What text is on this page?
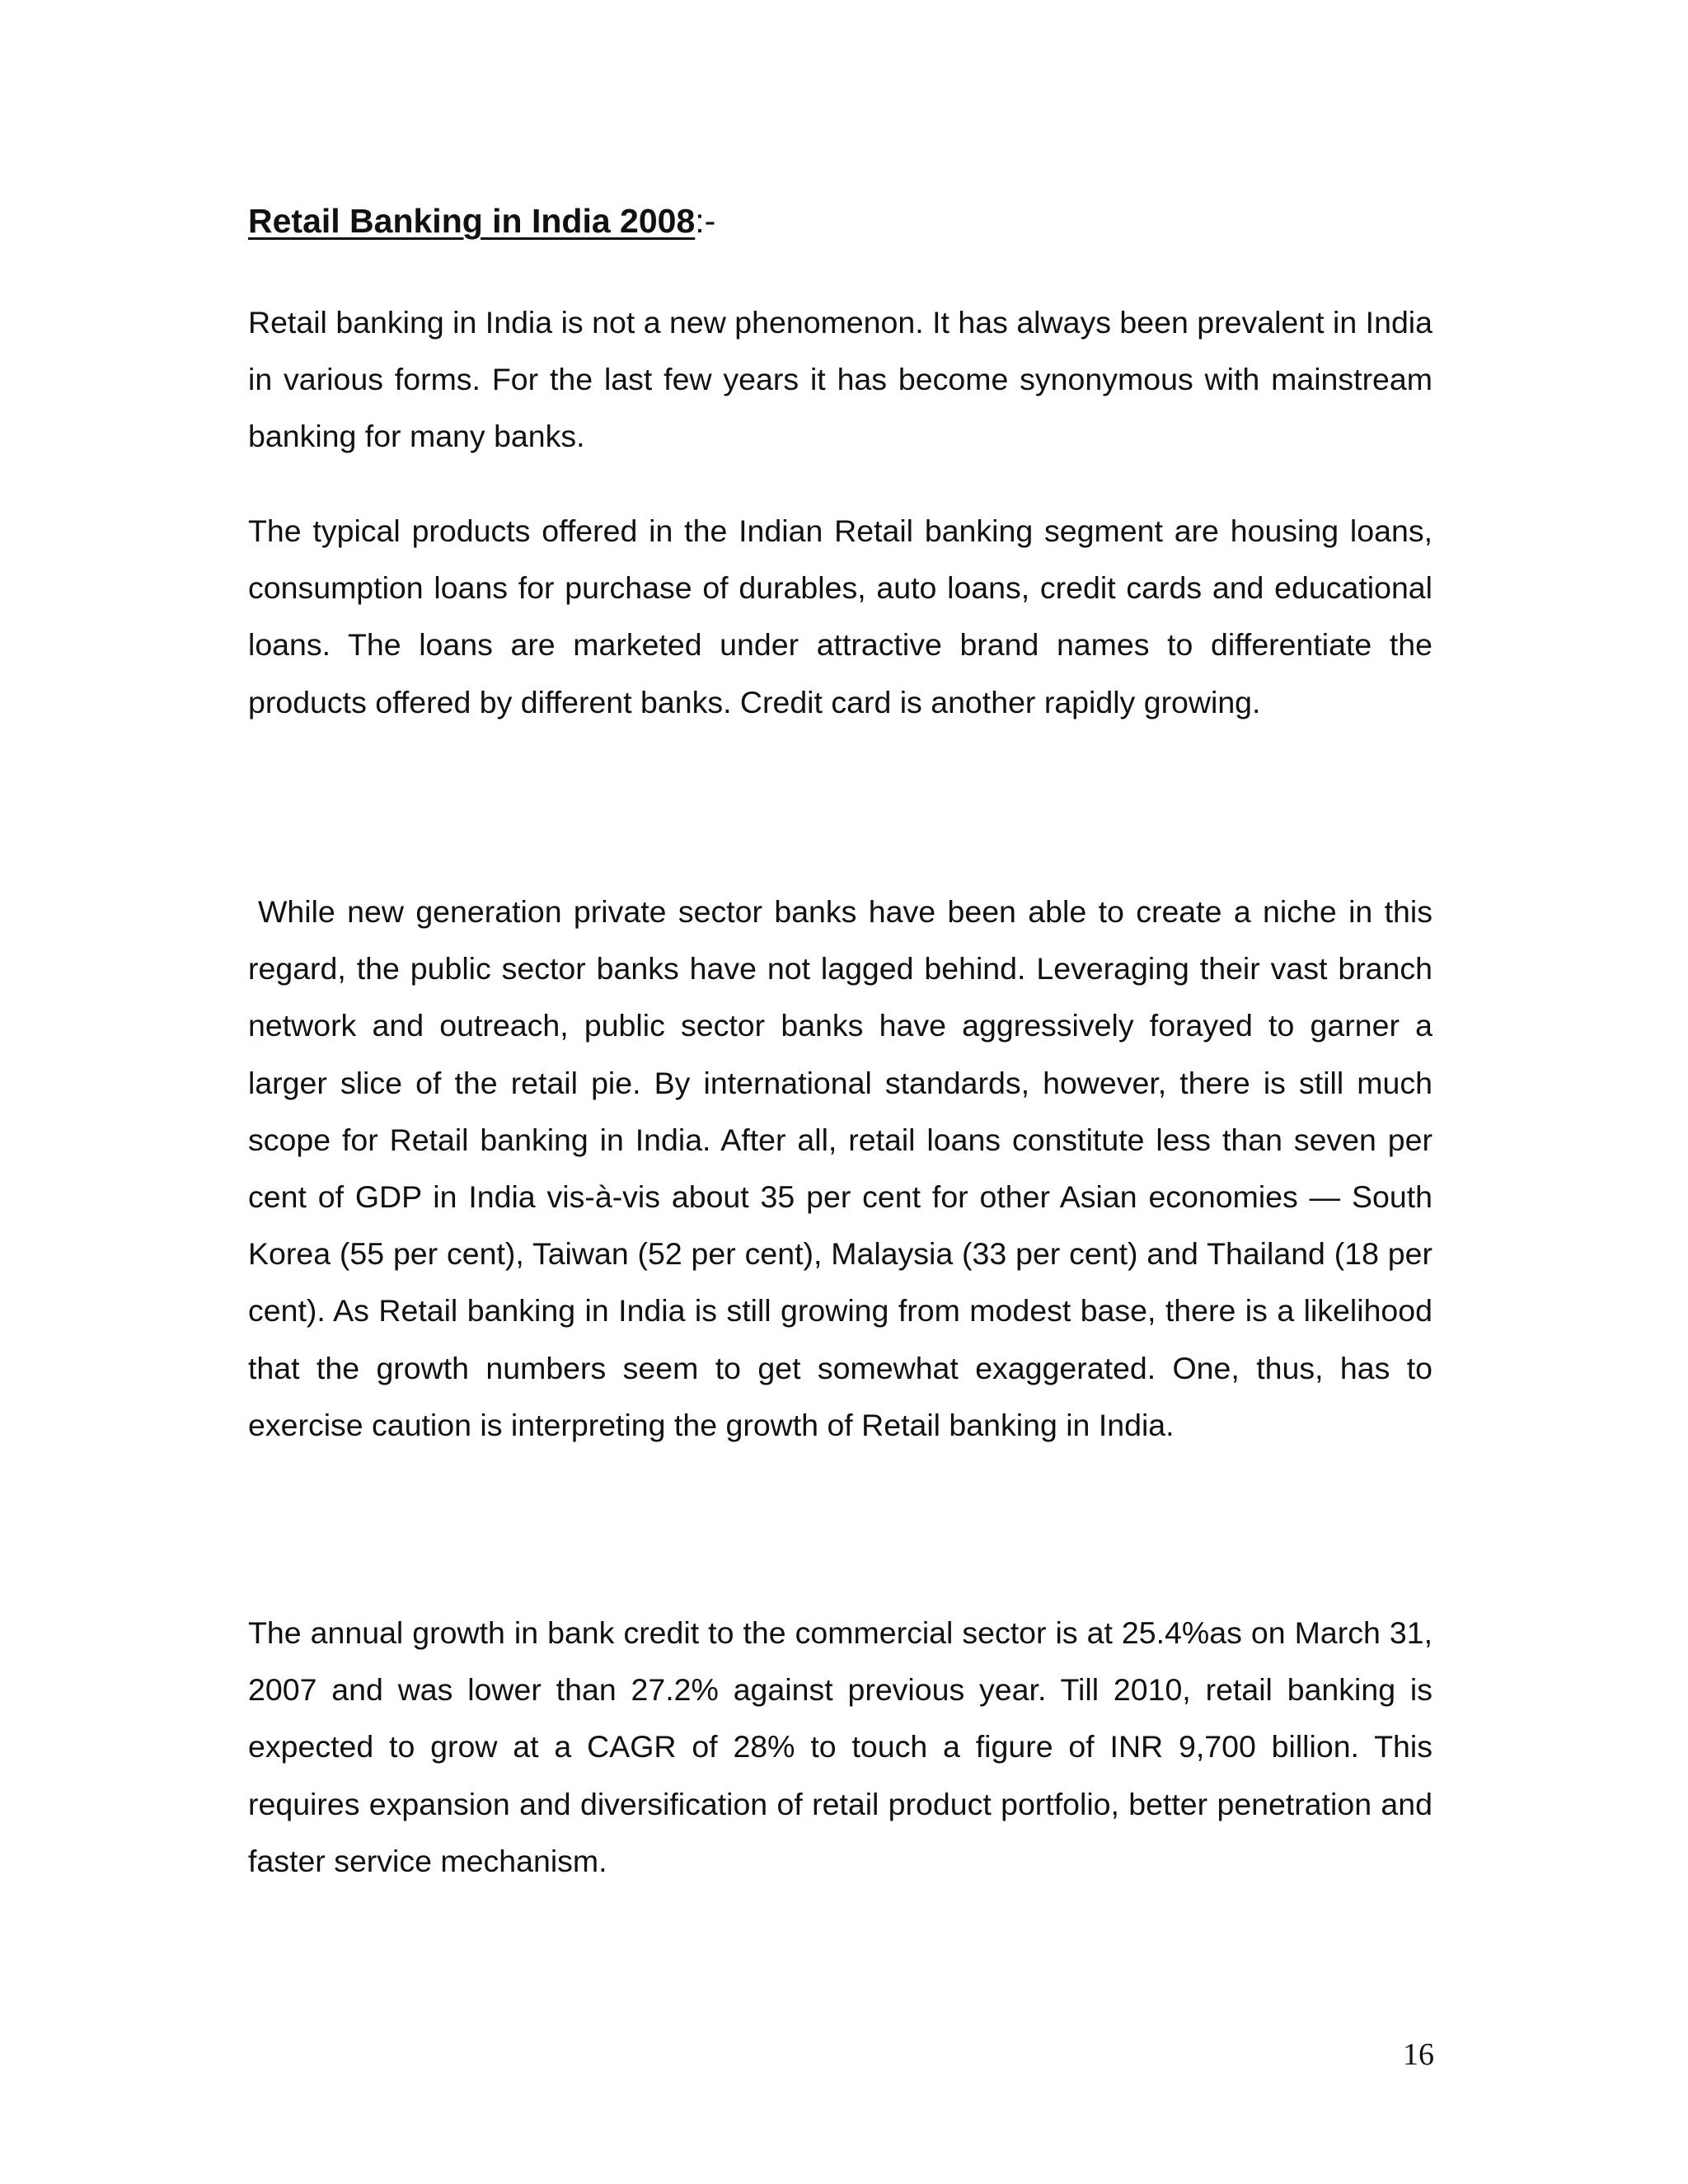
Retail Banking in India 2008:-

Retail banking in India is not a new phenomenon. It has always been prevalent in India in various forms. For the last few years it has become synonymous with mainstream banking for many banks.

The typical products offered in the Indian Retail banking segment are housing loans, consumption loans for purchase of durables, auto loans, credit cards and educational loans. The loans are marketed under attractive brand names to differentiate the products offered by different banks. Credit card is another rapidly growing.

While new generation private sector banks have been able to create a niche in this regard, the public sector banks have not lagged behind. Leveraging their vast branch network and outreach, public sector banks have aggressively forayed to garner a larger slice of the retail pie. By international standards, however, there is still much scope for Retail banking in India. After all, retail loans constitute less than seven per cent of GDP in India vis-à-vis about 35 per cent for other Asian economies — South Korea (55 per cent), Taiwan (52 per cent), Malaysia (33 per cent) and Thailand (18 per cent). As Retail banking in India is still growing from modest base, there is a likelihood that the growth numbers seem to get somewhat exaggerated. One, thus, has to exercise caution is interpreting the growth of Retail banking in India.

The annual growth in bank credit to the commercial sector is at 25.4%as on March 31, 2007 and was lower than 27.2% against previous year. Till 2010, retail banking is expected to grow at a CAGR of 28% to touch a figure of INR 9,700 billion. This requires expansion and diversification of retail product portfolio, better penetration and faster service mechanism.

16
